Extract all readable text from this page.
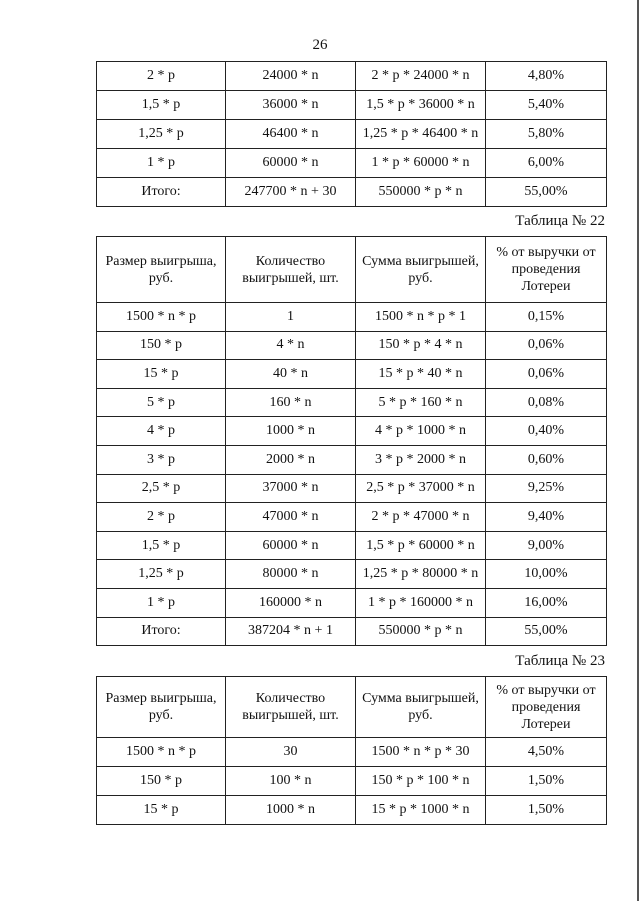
26
2 * р	24000 * n	2 * р * 24000 * n	4,80%
1,5 * р	36000 * n	1,5 * р * 36000 * n	5,40%
1,25 * р	46400 * n	1,25 * р * 46400 * n	5,80%
1 * р	60000 * n	1 * р * 60000 * n	6,00%
Итого:	247700 * n + 30	550000 * р * n	55,00%
Таблица № 22
Размер выигрыша, руб.	Количество выигрышей, шт.	Сумма выигрышей, руб.	% от выручки от проведения Лотереи
1500 * n * р	1	1500 * n * р * 1	0,15%
150 * р	4 * n	150 * р * 4 * n	0,06%
15 * р	40 * n	15 * р * 40 * n	0,06%
5 * р	160 * n	5 * р * 160 * n	0,08%
4 * р	1000 * n	4 * р * 1000 * n	0,40%
3 * р	2000 * n	3 * р * 2000 * n	0,60%
2,5 * р	37000 * n	2,5 * р * 37000 * n	9,25%
2 * р	47000 * n	2 * р * 47000 * n	9,40%
1,5 * р	60000 * n	1,5 * р * 60000 * n	9,00%
1,25 * р	80000 * n	1,25 * р * 80000 * n	10,00%
1 * р	160000 * n	1 * р * 160000 * n	16,00%
Итого:	387204 * n + 1	550000 * р * n	55,00%
Таблица № 23
Размер выигрыша, руб.	Количество выигрышей, шт.	Сумма выигрышей, руб.	% от выручки от проведения Лотереи
1500 * n * р	30	1500 * n * р * 30	4,50%
150 * р	100 * n	150 * р * 100 * n	1,50%
15 * р	1000 * n	15 * р * 1000 * n	1,50%
